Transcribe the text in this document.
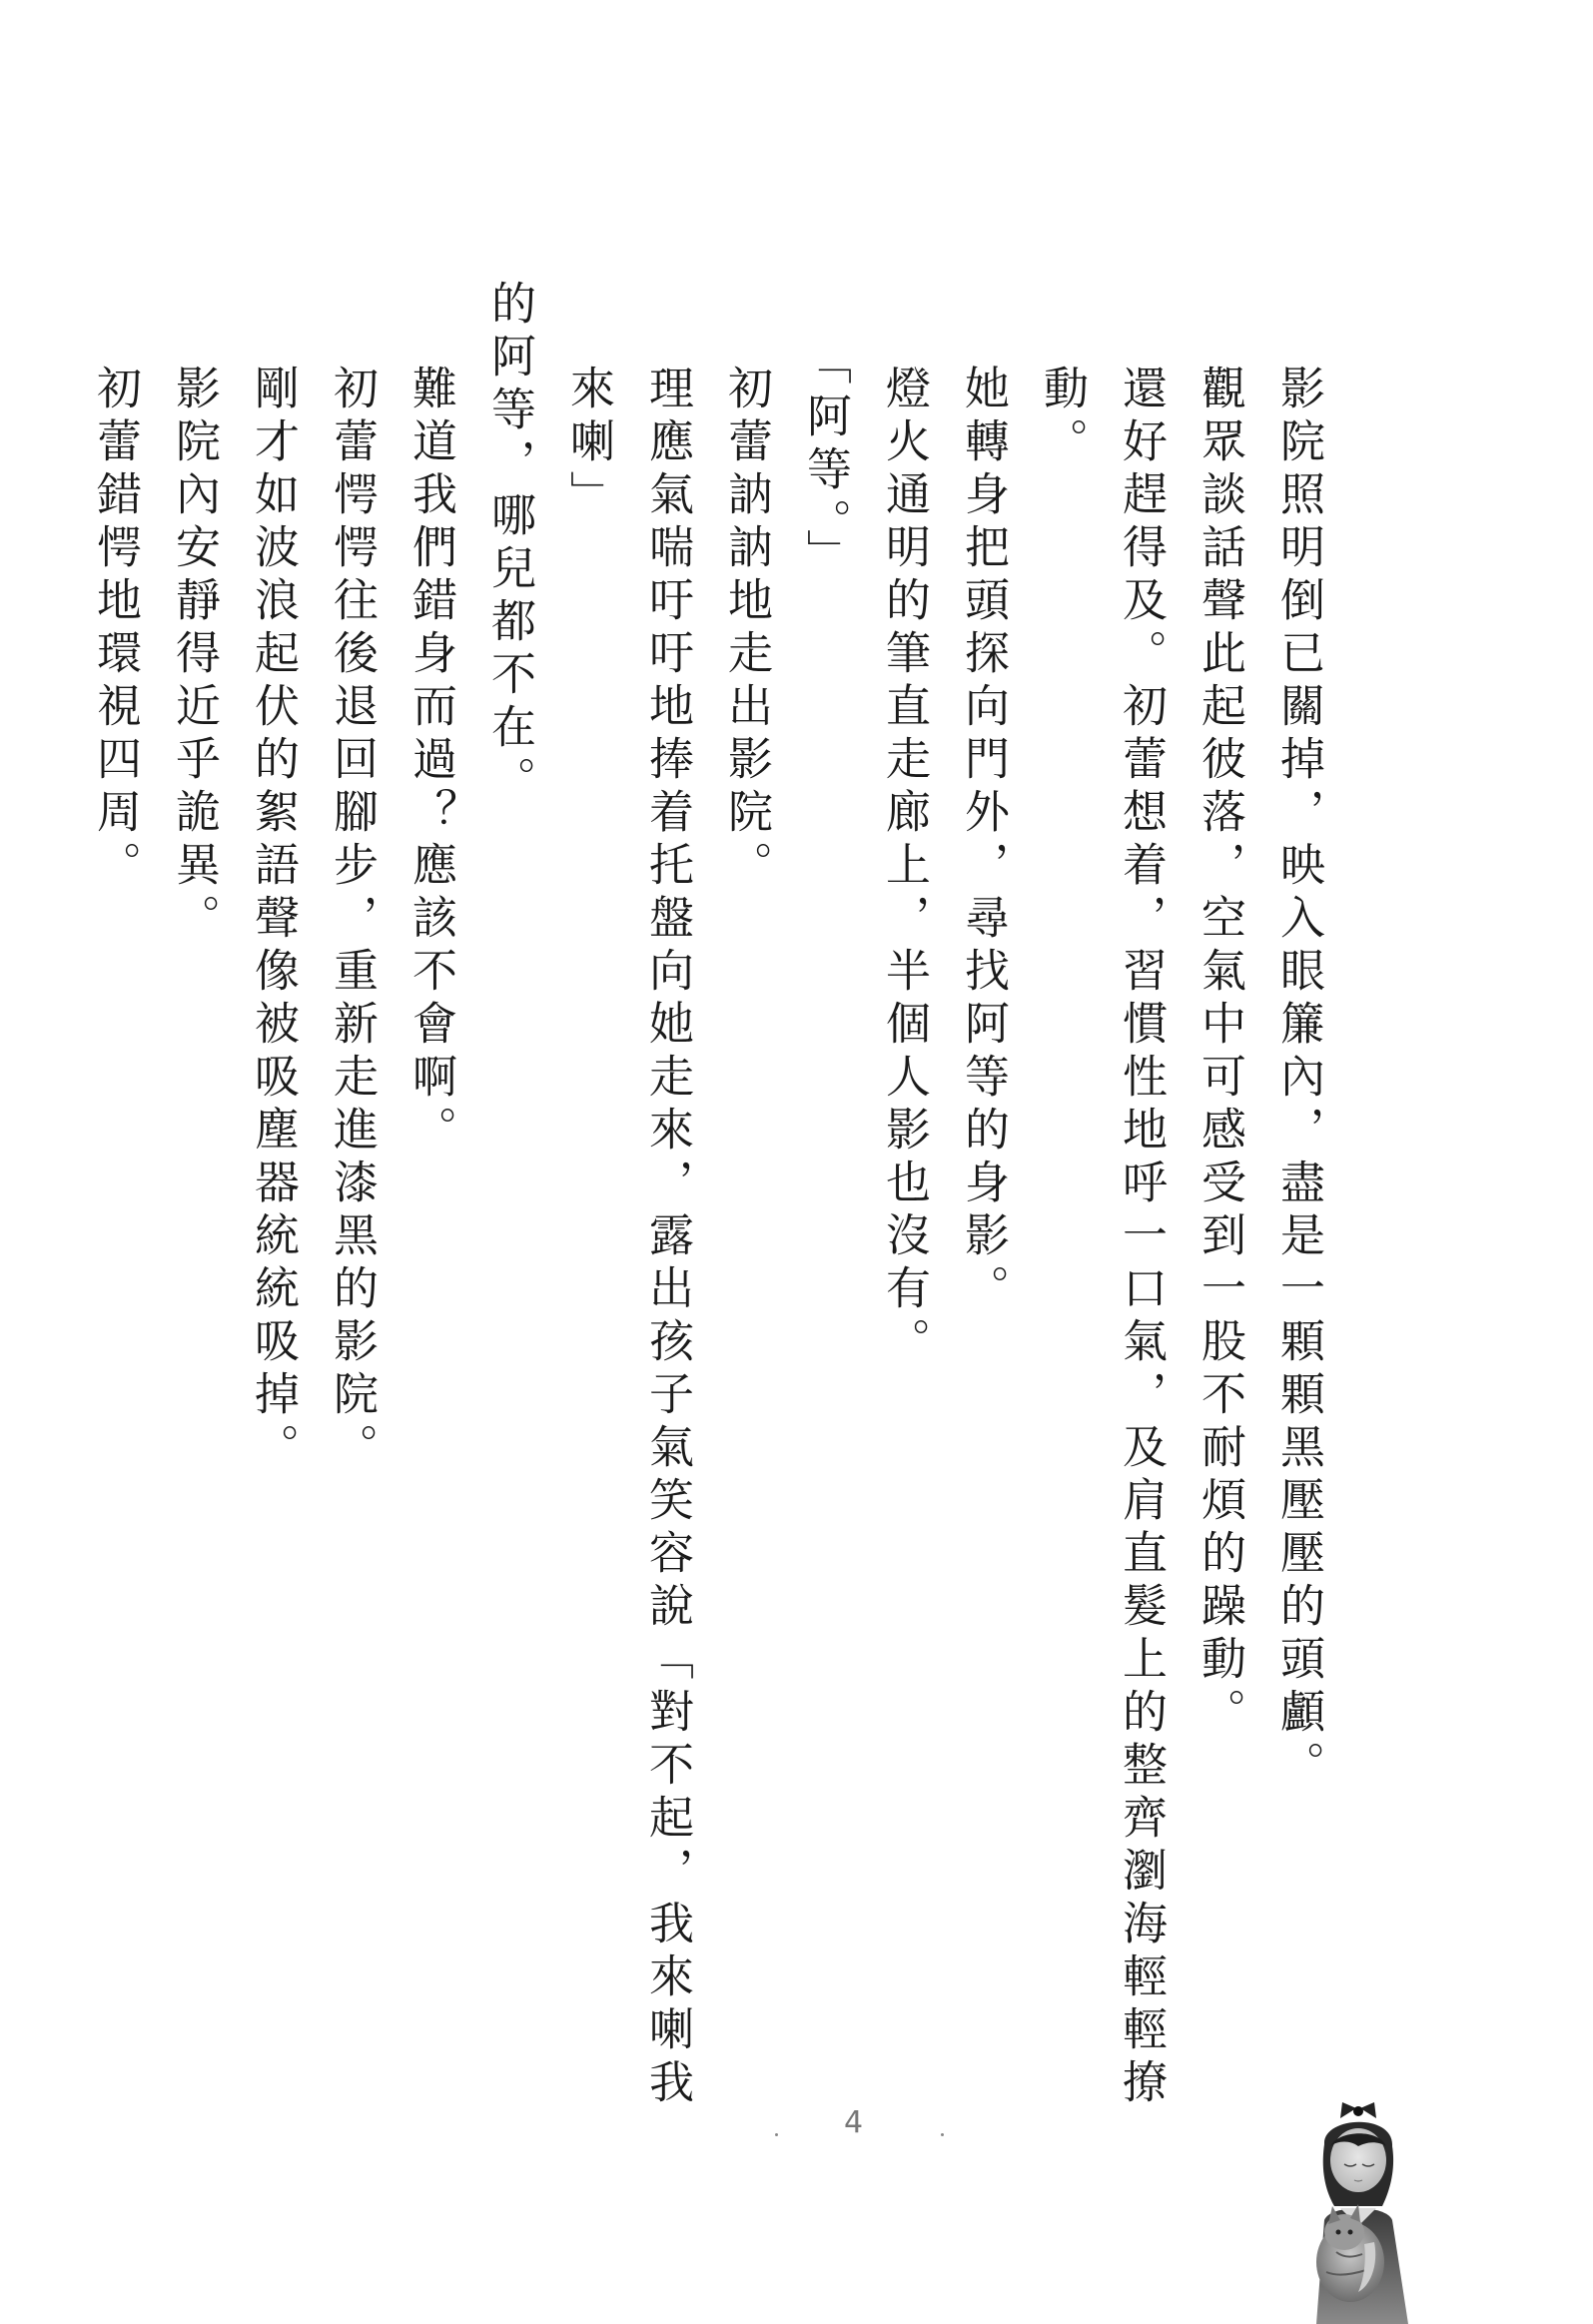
影院照明倒已關掉，映入眼簾內，盡是一顆顆黑壓壓的頭顱。

觀眾談話聲此起彼落，空氣中可感受到一股不耐煩的躁動。

還好趕得及。初蕾想着，習慣性地呼一口氣，及肩直髮上的整齊瀏海輕輕撩動。

她轉身把頭探向門外，尋找阿等的身影。

燈火通明的筆直走廊上，半個人影也沒有。

「阿等。」

初蕾訥訥地走出影院。

理應氣喘吁吁地捧着托盤向她走來，露出孩子氣笑容說「對不起，我來喇我來喇」

的阿等，哪兒都不在。

難道我們錯身而過？應該不會啊。

初蕾愕愕往後退回腳步，重新走進漆黑的影院。

剛才如波浪起伏的絮語聲像被吸塵器統統吸掉。

影院內安靜得近乎詭異。

初蕾錯愕地環視四周。

4
